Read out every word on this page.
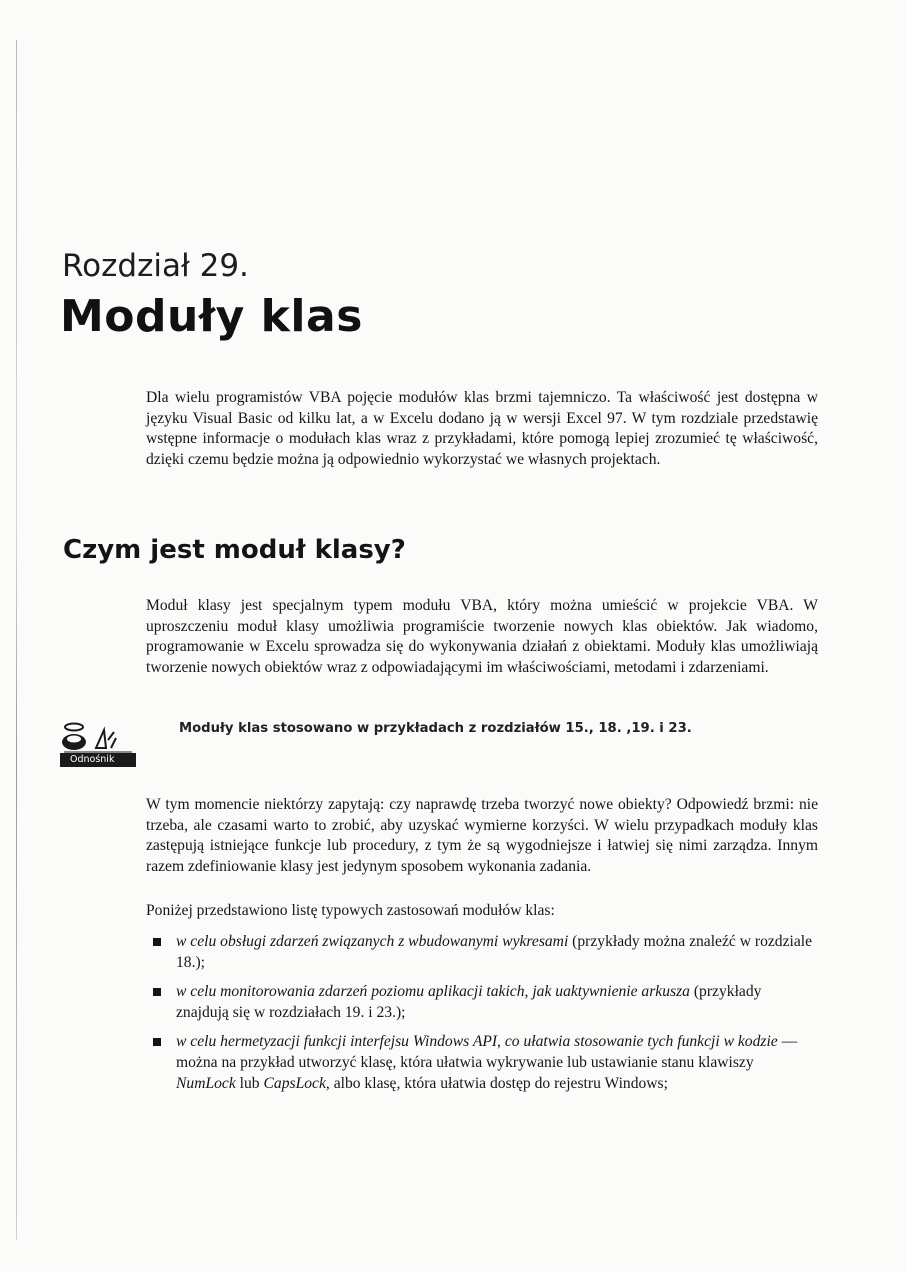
Rozdział 29.
Moduły klas

Dla wielu programistów VBA pojęcie modułów klas brzmi tajemniczo. Ta właściwość jest dostępna w języku Visual Basic od kilku lat, a w Excelu dodano ją w wersji Excel 97. W tym rozdziale przedstawię wstępne informacje o modułach klas wraz z przykładami, które pomogą lepiej zrozumieć tę właściwość, dzięki czemu będzie można ją odpowiednio wykorzystać we własnych projektach.

Czym jest moduł klasy?

Moduł klasy jest specjalnym typem modułu VBA, który można umieścić w projekcie VBA. W uproszczeniu moduł klasy umożliwia programiście tworzenie nowych klas obiektów. Jak wiadomo, programowanie w Excelu sprowadza się do wykonywania działań z obiektami. Moduły klas umożliwiają tworzenie nowych obiektów wraz z odpowiadającymi im właściwościami, metodami i zdarzeniami.

Odnośnik
Moduły klas stosowano w przykładach z rozdziałów 15., 18. ,19. i 23.

W tym momencie niektórzy zapytają: czy naprawdę trzeba tworzyć nowe obiekty? Odpowiedź brzmi: nie trzeba, ale czasami warto to zrobić, aby uzyskać wymierne korzyści. W wielu przypadkach moduły klas zastępują istniejące funkcje lub procedury, z tym że są wygodniejsze i łatwiej się nimi zarządza. Innym razem zdefiniowanie klasy jest jedynym sposobem wykonania zadania.

Poniżej przedstawiono listę typowych zastosowań modułów klas:

w celu obsługi zdarzeń związanych z wbudowanymi wykresami (przykłady można znaleźć w rozdziale 18.);
w celu monitorowania zdarzeń poziomu aplikacji takich, jak uaktywnienie arkusza (przykłady znajdują się w rozdziałach 19. i 23.);
w celu hermetyzacji funkcji interfejsu Windows API, co ułatwia stosowanie tych funkcji w kodzie — można na przykład utworzyć klasę, która ułatwia wykrywanie lub ustawianie stanu klawiszy NumLock lub CapsLock, albo klasę, która ułatwia dostęp do rejestru Windows;
